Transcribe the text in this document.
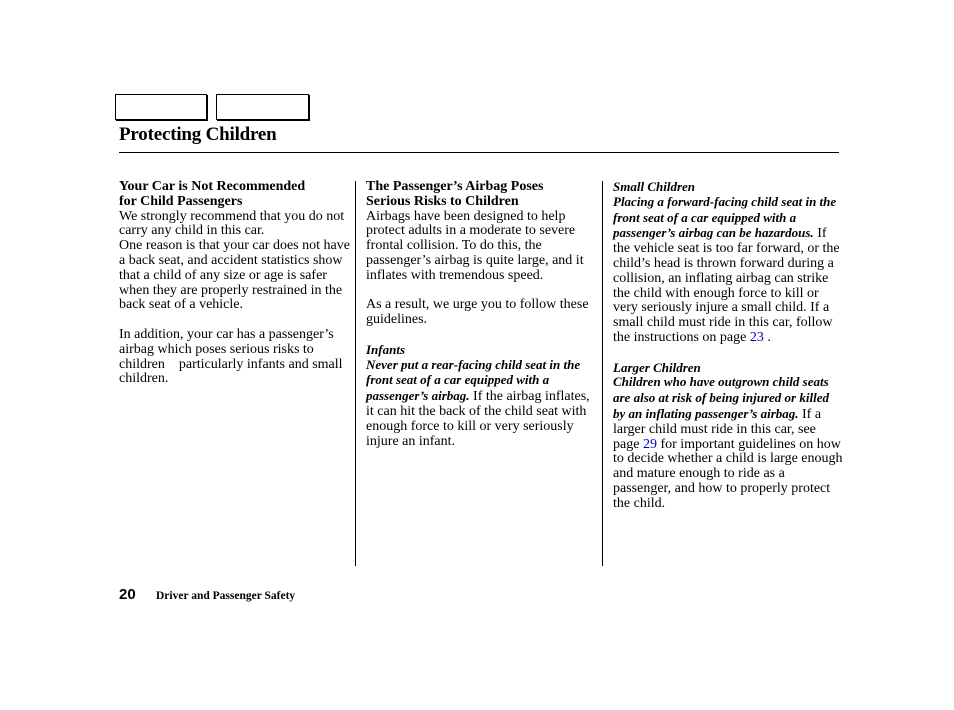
Protecting Children

Your Car is Not Recommended

for Child Passengers

We strongly recommend that you do not carry any child in this car.

One reason is that your car does not have a back seat, and accident statistics show that a child of any size or age is safer when they are properly restrained in the back seat of a vehicle.

In addition, your car has a passenger’s airbag which poses serious risks to children    particularly infants and small children.

The Passenger’s Airbag Poses

Serious Risks to Children

Airbags have been designed to help protect adults in a moderate to severe frontal collision. To do this, the passenger’s airbag is quite large, and it inflates with tremendous speed.

As a result, we urge you to follow these guidelines.

Infants

Never put a rear-facing child seat in the front seat of a car equipped with a passenger’s airbag. If the airbag inflates, it can hit the back of the child seat with enough force to kill or very seriously injure an infant.

Small Children

Placing a forward-facing child seat in the front seat of a car equipped with a passenger’s airbag can be hazardous. If the vehicle seat is too far forward, or the child’s head is thrown forward during a collision, an inflating airbag can strike the child with enough force to kill or very seriously injure a small child. If a small child must ride in this car, follow the instructions on page 23 .

Larger Children

Children who have outgrown child seats are also at risk of being injured or killed by an inflating passenger’s airbag. If a larger child must ride in this car, see page 29 for important guidelines on how to decide whether a child is large enough and mature enough to ride as a passenger, and how to properly protect the child.

20 Driver and Passenger Safety
